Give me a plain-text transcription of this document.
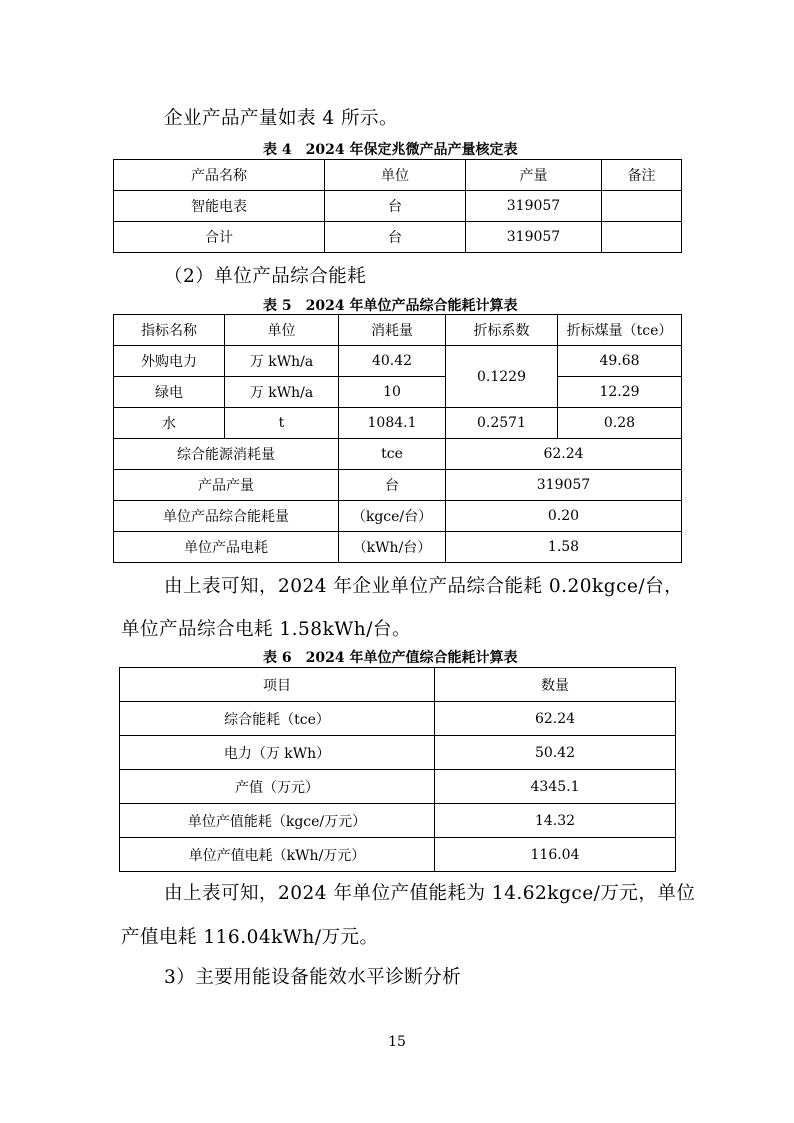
企业产品产量如表 4 所示。
表 4　2024 年保定兆微产品产量核定表
产品名称	单位	产量	备注
智能电表	台	319057	
合计	台	319057	
（2）单位产品综合能耗
表 5　2024 年单位产品综合能耗计算表
指标名称	单位	消耗量	折标系数	折标煤量（tce）
外购电力	万 kWh/a	40.42	0.1229	49.68
绿电	万 kWh/a	10		12.29
水	t	1084.1	0.2571	0.28
综合能源消耗量		tce	62.24	
产品产量		台	319057	
单位产品综合能耗量		（kgce/台）	0.20	
单位产品电耗		（kWh/台）	1.58	
由上表可知，2024 年企业单位产品综合能耗 0.20kgce/台，
单位产品综合电耗 1.58kWh/台。
表 6　2024 年单位产值综合能耗计算表
项目	数量
综合能耗（tce）	62.24
电力（万 kWh）	50.42
产值（万元）	4345.1
单位产值能耗（kgce/万元）	14.32
单位产值电耗（kWh/万元）	116.04
由上表可知，2024 年单位产值能耗为 14.62kgce/万元，单位
产值电耗 116.04kWh/万元。
3）主要用能设备能效水平诊断分析
15
